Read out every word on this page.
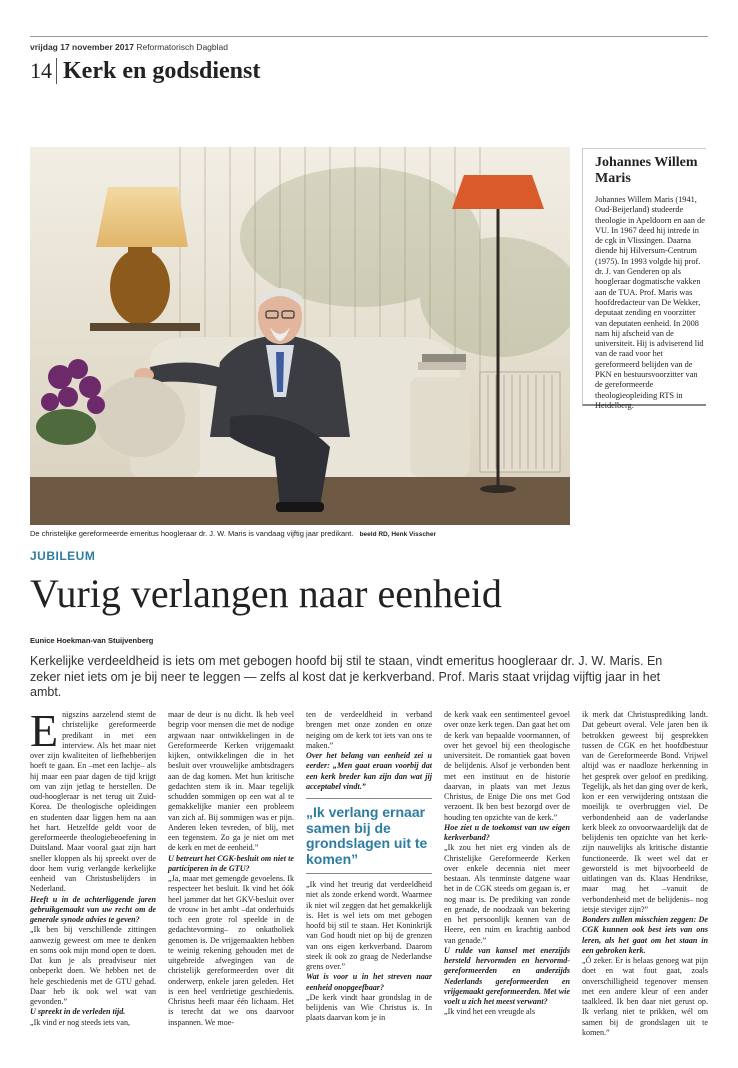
vrijdag 17 november 2017 Reformatorisch Dagblad
14 Kerk en godsdienst
De christelijke gereformeerde emeritus hoogleraar dr. J. W. Maris is vandaag vijftig jaar predikant. beeld RD, Henk Visscher
Johannes Willem Maris
Johannes Willem Maris (1941, Oud-Beijerland) studeerde theologie in Apeldoorn en aan de VU. In 1967 deed hij intrede in de cgk in Vlissingen. Daarna diende hij Hilversum-Centrum (1975). In 1993 volgde hij prof. dr. J. van Genderen op als hoogleraar dogmatische vakken aan de TUA. Prof. Maris was hoofdredacteur van De Wekker, deputaat zending en voorzitter van deputaten eenheid. In 2008 nam hij afscheid van de universiteit. Hij is adviserend lid van de raad voor het gereformeerd belijden van de PKN en bestuursvoorzitter van de gereformeerde theologieopleiding RTS in Heidelberg.
JUBILEUM
Vurig verlangen naar eenheid
Eunice Hoekman-van Stuijvenberg
Kerkelijke verdeeldheid is iets om met gebogen hoofd bij stil te staan, vindt emeritus hoogleraar dr. J. W. Maris. En zeker niet iets om je bij neer te leggen — zelfs al kost dat je kerkverband. Prof. Maris staat vrijdag vijftig jaar in het ambt.
E nigszins aarzelend stemt de christelijke gereformeerde predikant in met een interview. Als het maar niet over zijn kwaliteiten of liefhebberijen hoeft te gaan. En –met een lachje– als hij maar een paar dagen de tijd krijgt om van zijn jetlag te herstellen. De oud-hoogleraar is net terug uit Zuid-Korea. De theologische opleidingen en studenten daar liggen hem na aan het hart. Hetzelfde geldt voor de gereformeerde theologiebeoefening in Duitsland. Maar vooral gaat zijn hart sneller kloppen als hij spreekt over de door hem vurig verlangde kerkelijke eenheid van Christusbelijders in Nederland.

Heeft u in de achterliggende jaren gebruikgemaakt van uw recht om de generale synode advies te geven?

„Ik ben bij verschillende zittingen aanwezig geweest om mee te denken en soms ook mijn mond open te doen. Dat kun je als preadviseur niet onbeperkt doen. We hebben net de hele geschiedenis met de GTU gehad. Daar heb ik ook wel wat van gevonden.”

U spreekt in de verleden tijd.

„Ik vind er nog steeds iets van,

maar de deur is nu dicht. Ik heb veel begrip voor mensen die met de nodige argwaan naar ontwikkelingen in de Gereformeerde Kerken vrijgemaakt kijken, ontwikkelingen die in het besluit over vrouwelijke ambtsdragers aan de dag komen. Met hun kritische gedachten stem ik in. Maar tegelijk schudden sommigen op een wat al te gemakkelijke manier een probleem van zich af. Bij sommigen was er pijn. Anderen leken tevreden, of blij, met een tegenstem. Zo ga je niet om met de kerk en met de eenheid.”

U betreurt het CGK-besluit om niet te participeren in de GTU?

„Ja, maar met gemengde gevoelens. Ik respecteer het besluit. Ik vind het óók heel jammer dat het GKV-besluit over de vrouw in het ambt –dat onderhuids toch een grote rol speelde in de gedachtevorming– zo onkatholiek genomen is. De vrijgemaakten hebben te weinig rekening gehouden met de uitgebreide afwegingen van de christelijk gereformeerden over dit onderwerp, enkele jaren geleden. Het is een heel verdrietige geschiedenis. Christus heeft maar één lichaam. Het is terecht dat we ons daarvoor inspannen. We moe-

ten de verdeeldheid in verband brengen met onze zonden en onze neiging om de kerk tot iets van ons te maken.”

Over het belang van eenheid zei u eerder: „Men gaat eraan voorbij dat een kerk breder kan zijn dan wat jij acceptabel vindt.”

„Ik verlang ernaar samen bij de grondslagen uit te komen”

„Ik vind het treurig dat verdeeldheid niet als zonde erkend wordt. Waarmee ik niet wil zeggen dat het gemakkelijk is. Het is wel iets om met gebogen hoofd bij stil te staan. Het Koninkrijk van God houdt niet op bij de grenzen van ons eigen kerkverband. Daarom steek ik ook zo graag de Nederlandse grens over.”

Wat is voor u in het streven naar eenheid onopgeefbaar?

„De kerk vindt haar grondslag in de belijdenis van Wie Christus is. In plaats daarvan kom je in

de kerk vaak een sentimenteel gevoel over onze kerk tegen. Dan gaat het om de kerk van bepaalde voormannen, of over het gevoel bij een theologische universiteit. De romantiek gaat boven de belijdenis. Alsof je verbonden bent met een instituut en de historie daarvan, in plaats van met Jezus Christus, de Enige Die ons met God verzoent. Ik ben best bezorgd over de houding ten opzichte van de kerk.”

Hoe ziet u de toekomst van uw eigen kerkverband?

„Ik zou het niet erg vinden als de Christelijke Gereformeerde Kerken over enkele decennia niet meer bestaan. Als tenminste datgene waar het in de CGK steeds om gegaan is, er nog maar is. De prediking van zonde en genade, de noodzaak van bekering en het persoonlijk kennen van de Heere, een ruim en krachtig aanbod van genade.”

U rulde van kansel met enerzijds hersteld hervormden en hervormd-gereformeerden en anderzijds Nederlands gereformeerden en vrijgemaakt gereformeerden. Met wie voelt u zich het meest verwant?

„Ik vind het een vreugde als

ik merk dat Christusprediking landt. Dat gebeurt overal. Vele jaren ben ik betrokken geweest bij gesprekken tussen de CGK en het hoofdbestuur van de Gereformeerde Bond. Vrijwel altijd was er naadloze herkenning in het gesprek over geloof en prediking. Tegelijk, als het dan ging over de kerk, kon er een verwijdering ontstaan die moeilijk te overbruggen viel. De verbondenheid aan de vaderlandse kerk bleek zo onvoorwaardelijk dat de belijdenis ten opzichte van het kerk-zijn nauwelijks als kritische distantie functioneerde. Ik weet wel dat er geworsteld is met bijvoorbeeld de uitlatingen van ds. Klaas Hendrikse, maar mag het –vanuit de verbondenheid met de belijdenis– nog ietsje steviger zijn?”

Bonders zullen misschien zeggen: De CGK kunnen ook best iets van ons leren, als het gaat om het staan in een gebroken kerk.

„Ó zeker. Er is helaas genoeg wat pijn doet en wat fout gaat, zoals onverschilligheid tegenover mensen met een andere kleur of een ander taalkleed. Ik ben daar niet gerust op. Ik verlang niet te prikken, wél om samen bij de grondslagen uit te komen.”
